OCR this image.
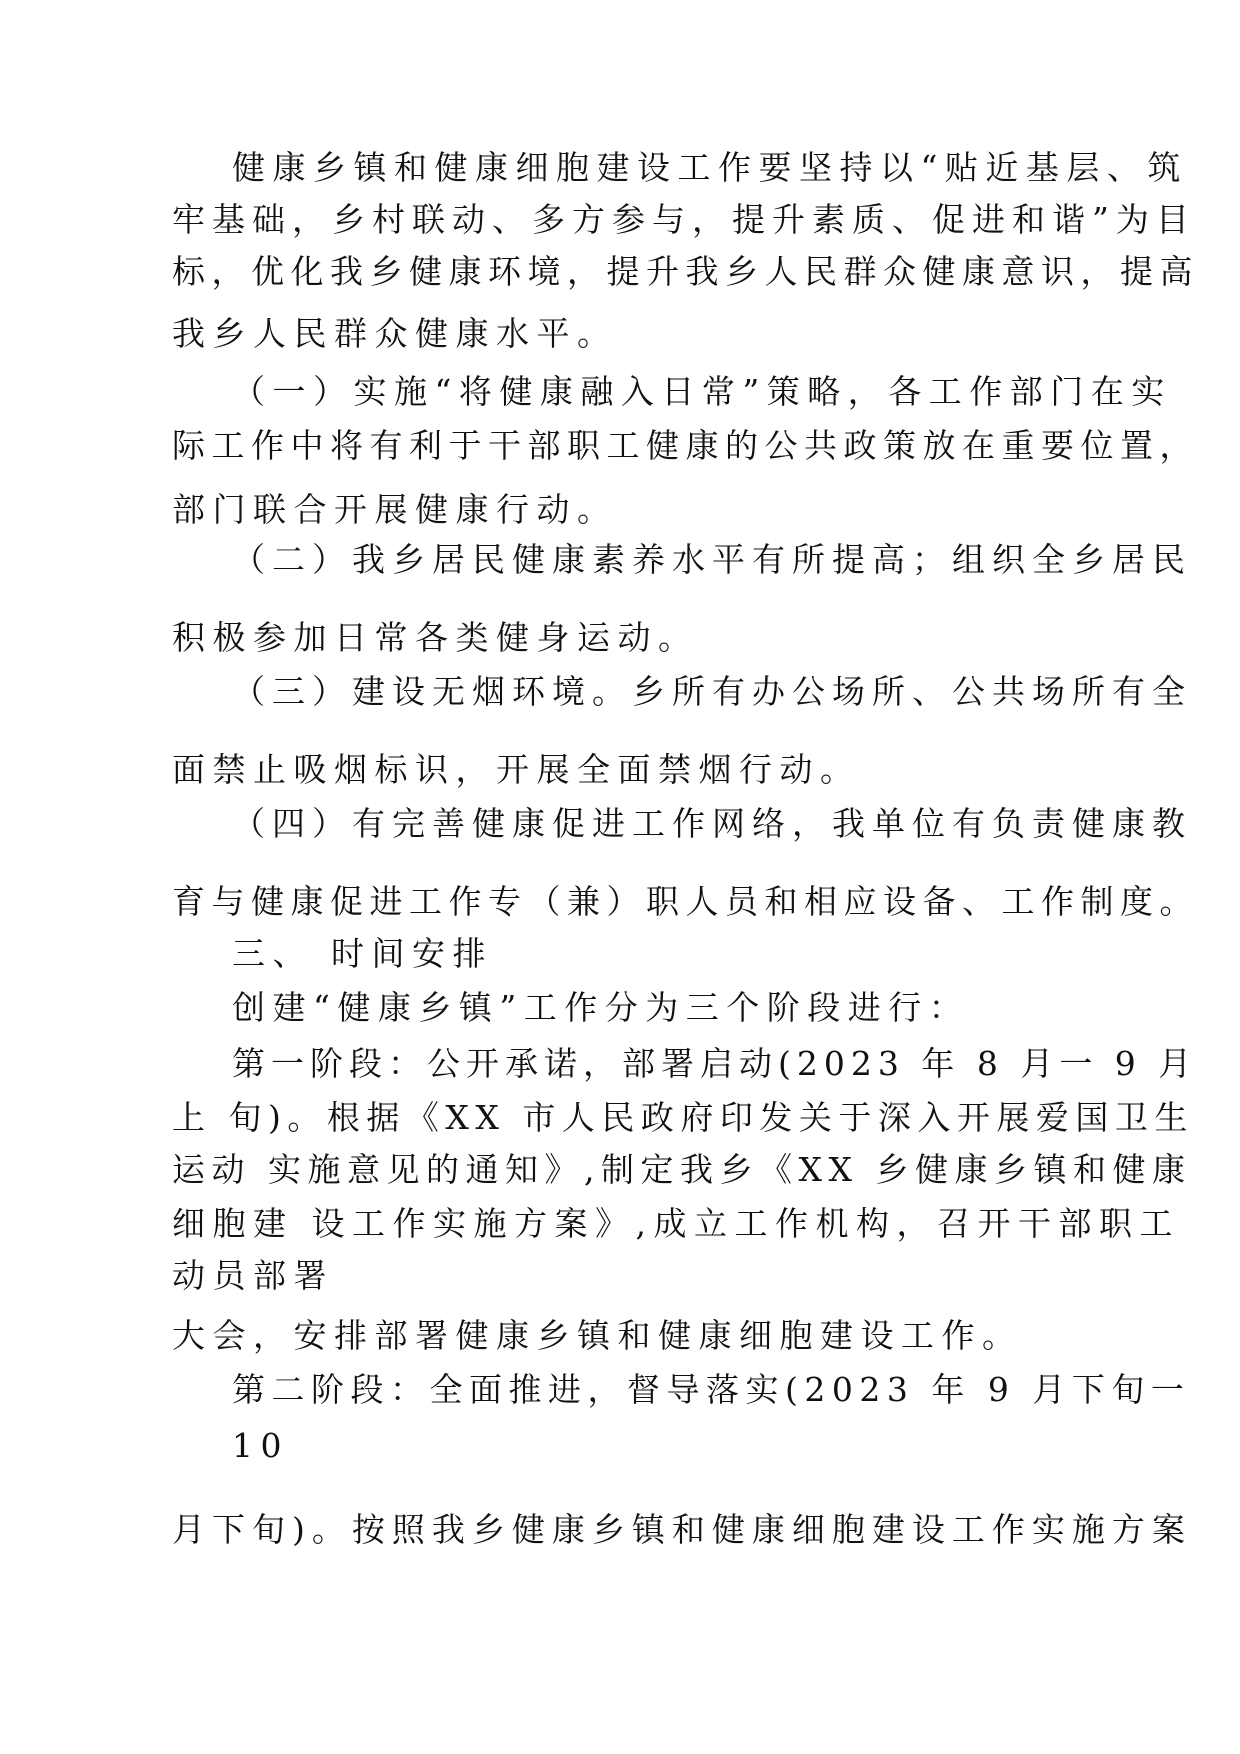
健康乡镇和健康细胞建设工作要坚持以“贴近基层、筑
牢基础，乡村联动、多方参与，提升素质、促进和谐”为目
标，优化我乡健康环境，提升我乡人民群众健康意识，提高
我乡人民群众健康水平。
（一）实施“将健康融入日常”策略，各工作部门在实
际工作中将有利于干部职工健康的公共政策放在重要位置，
部门联合开展健康行动。
（二）我乡居民健康素养水平有所提高；组织全乡居民
积极参加日常各类健身运动。
（三）建设无烟环境。乡所有办公场所、公共场所有全
面禁止吸烟标识，开展全面禁烟行动。
（四）有完善健康促进工作网络，我单位有负责健康教
育与健康促进工作专（兼）职人员和相应设备、工作制度。
三、 时间安排
创建“健康乡镇”工作分为三个阶段进行：
第一阶段：公开承诺，部署启动(2023 年 8 月一 9 月
上 旬)。根据《XX 市人民政府印发关于深入开展爱国卫生
运动 实施意见的通知》,制定我乡《XX 乡健康乡镇和健康
细胞建 设工作实施方案》,成立工作机构，召开干部职工
动员部署
大会，安排部署健康乡镇和健康细胞建设工作。
第二阶段：全面推进，督导落实(2023 年 9 月下旬一
10
月下旬)。按照我乡健康乡镇和健康细胞建设工作实施方案
